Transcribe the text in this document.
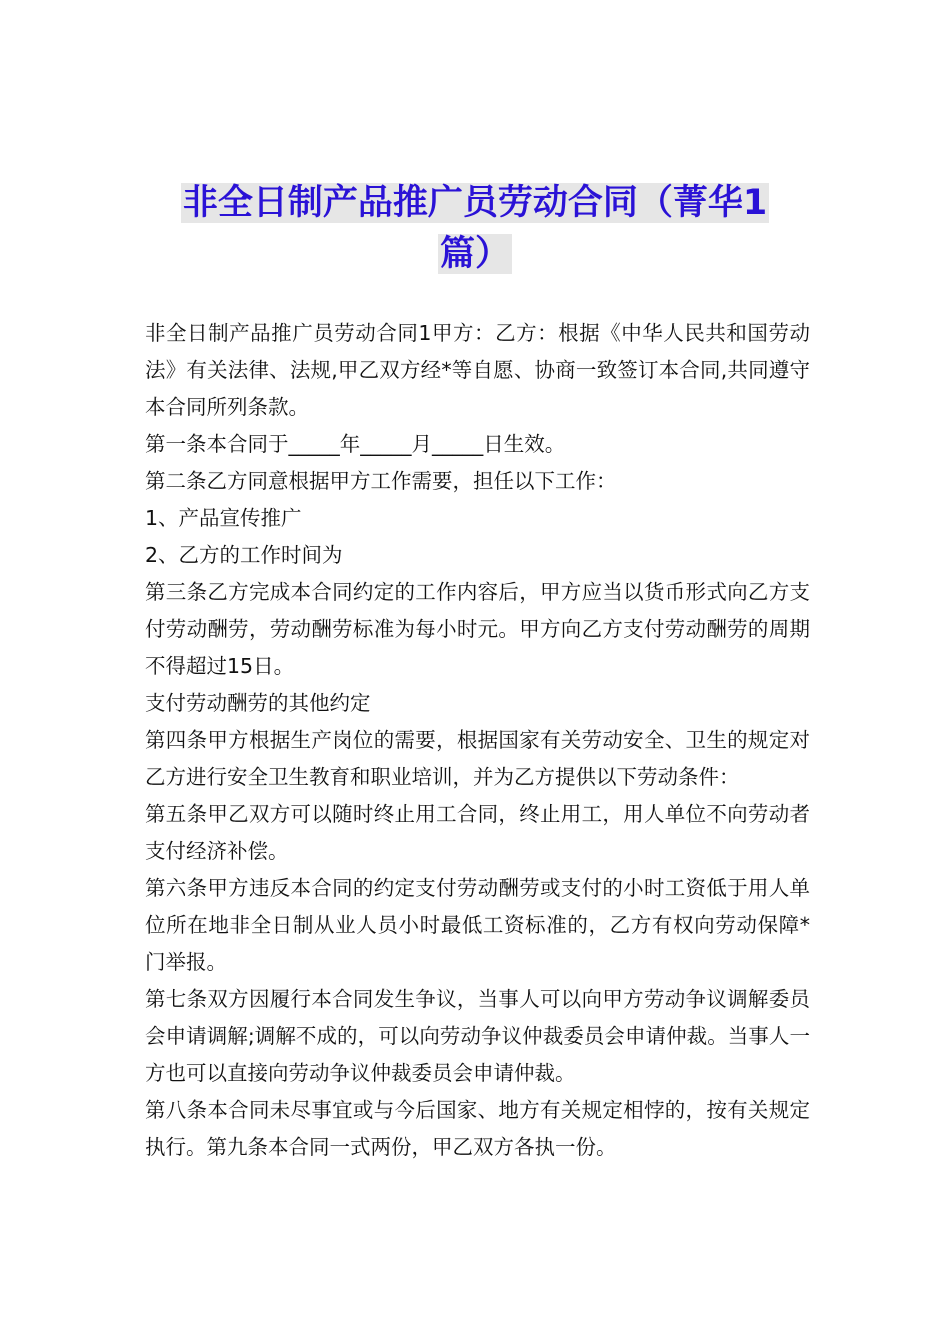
非全日制产品推广员劳动合同（菁华1
篇）

非全日制产品推广员劳动合同1甲方：乙方：根据《中华人民共和国劳动法》有关法律、法规,甲乙双方经*等自愿、协商一致签订本合同,共同遵守本合同所列条款。

第一条本合同于_____年_____月_____日生效。

第二条乙方同意根据甲方工作需要，担任以下工作：

1、产品宣传推广

2、乙方的工作时间为

第三条乙方完成本合同约定的工作内容后，甲方应当以货币形式向乙方支付劳动酬劳，劳动酬劳标准为每小时元。甲方向乙方支付劳动酬劳的周期不得超过15日。

支付劳动酬劳的其他约定

第四条甲方根据生产岗位的需要，根据国家有关劳动安全、卫生的规定对乙方进行安全卫生教育和职业培训，并为乙方提供以下劳动条件：

第五条甲乙双方可以随时终止用工合同，终止用工，用人单位不向劳动者支付经济补偿。

第六条甲方违反本合同的约定支付劳动酬劳或支付的小时工资低于用人单位所在地非全日制从业人员小时最低工资标准的，乙方有权向劳动保障*门举报。

第七条双方因履行本合同发生争议，当事人可以向甲方劳动争议调解委员会申请调解;调解不成的，可以向劳动争议仲裁委员会申请仲裁。当事人一方也可以直接向劳动争议仲裁委员会申请仲裁。

第八条本合同未尽事宜或与今后国家、地方有关规定相悖的，按有关规定执行。第九条本合同一式两份，甲乙双方各执一份。
